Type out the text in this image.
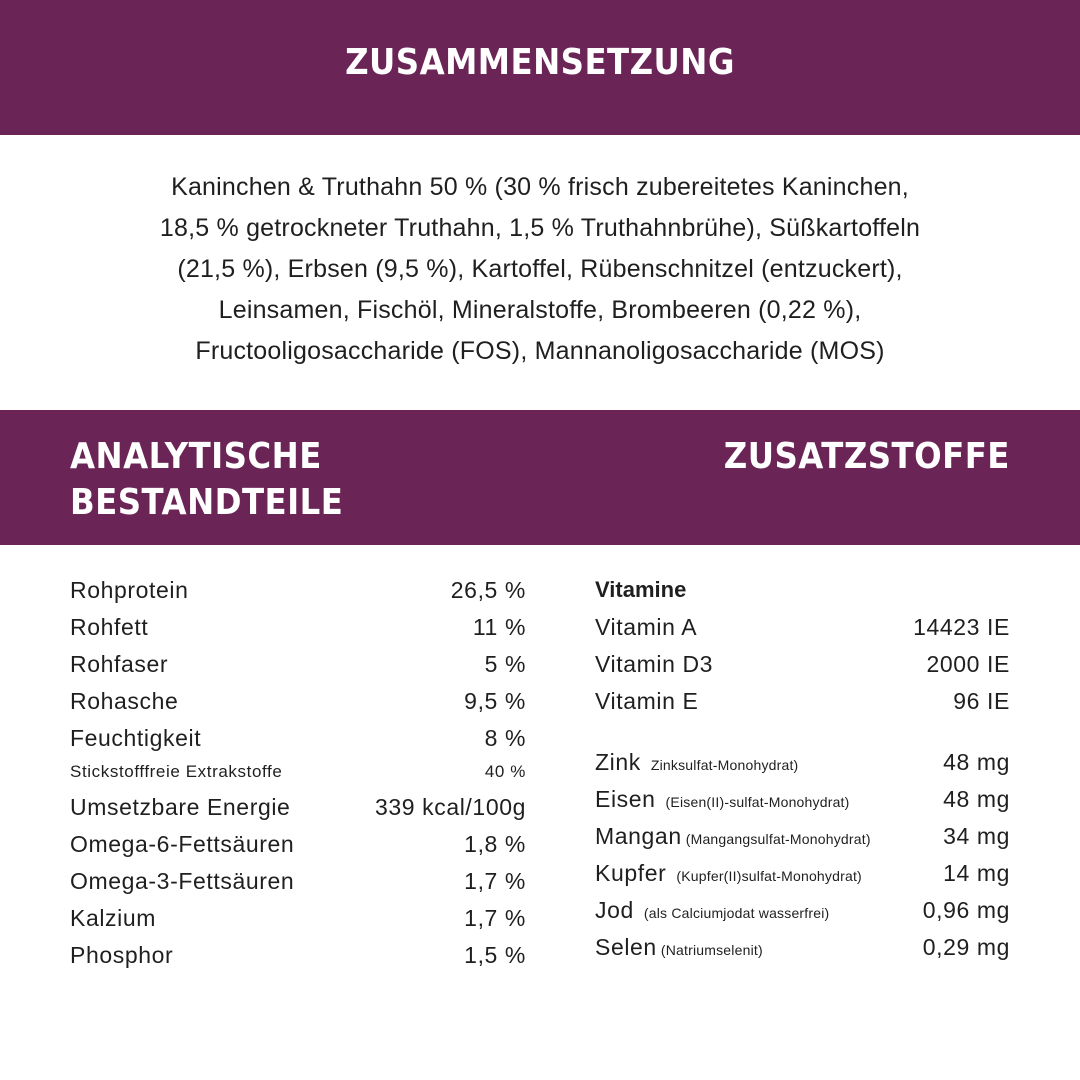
ZUSAMMENSETZUNG
Kaninchen & Truthahn 50 % (30 % frisch zubereitetes Kaninchen,
18,5 % getrockneter Truthahn, 1,5 % Truthahnbrühe), Süßkartoffeln
(21,5 %), Erbsen (9,5 %), Kartoffel, Rübenschnitzel (entzuckert),
Leinsamen, Fischöl, Mineralstoffe, Brombeeren (0,22 %),
Fructooligosaccharide (FOS), Mannanoligosaccharide (MOS)
ANALYTISCHE
BESTANDTEILE
ZUSATZSTOFFE
Rohprotein	26,5 %
Rohfett	11 %
Rohfaser	5 %
Rohasche	9,5 %
Feuchtigkeit	8 %
Stickstofffreie Extrakstoffe	40 %
Umsetzbare Energie	339 kcal/100g
Omega-6-Fettsäuren	1,8 %
Omega-3-Fettsäuren	1,7 %
Kalzium	1,7 %
Phosphor	1,5 %
Vitamine
Vitamin A	14423 IE
Vitamin D3	2000 IE
Vitamin E	96 IE
Zink Zinksulfat-Monohydrat)	48 mg
Eisen (Eisen(II)-sulfat-Monohydrat)	48 mg
Mangan (Mangangsulfat-Monohydrat)	34 mg
Kupfer (Kupfer(II)sulfat-Monohydrat)	14 mg
Jod (als Calciumjodat wasserfrei)	0,96 mg
Selen (Natriumselenit)	0,29 mg
